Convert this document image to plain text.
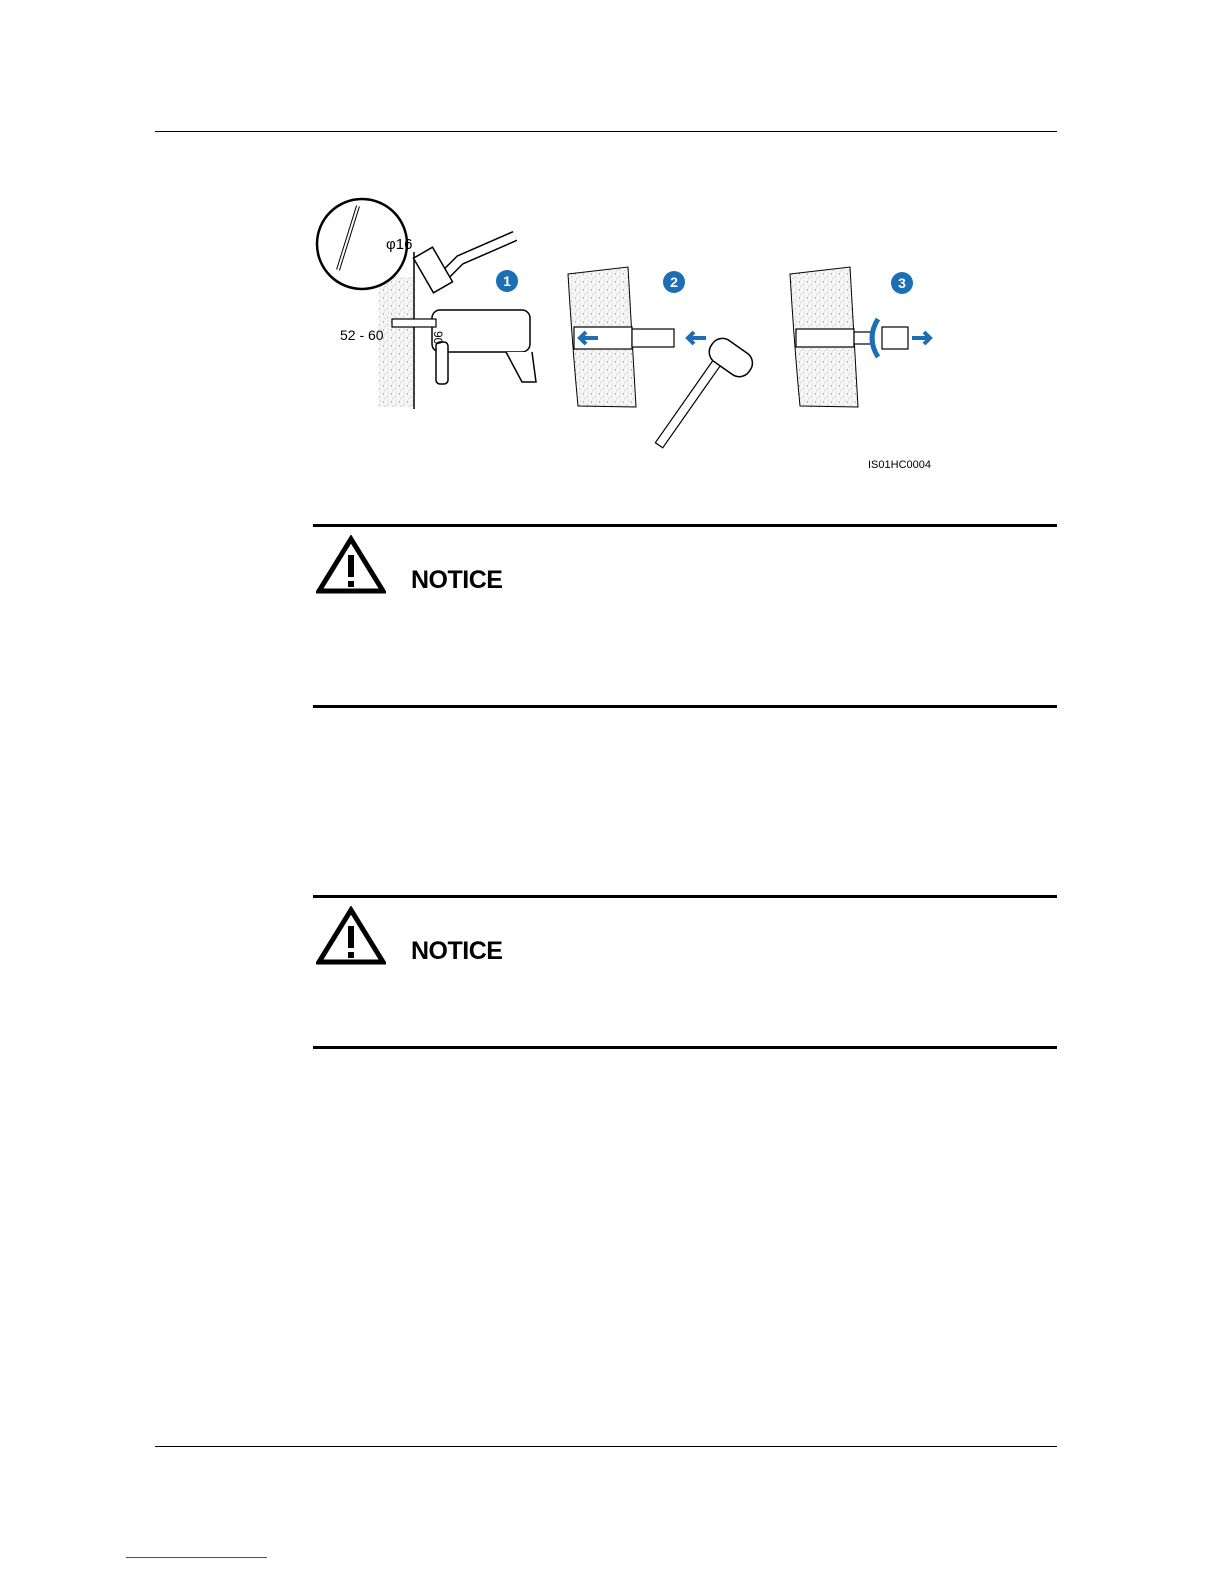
φ16
52 - 60	90
1	2	3
IS01HC0004
NOTICE
NOTICE
